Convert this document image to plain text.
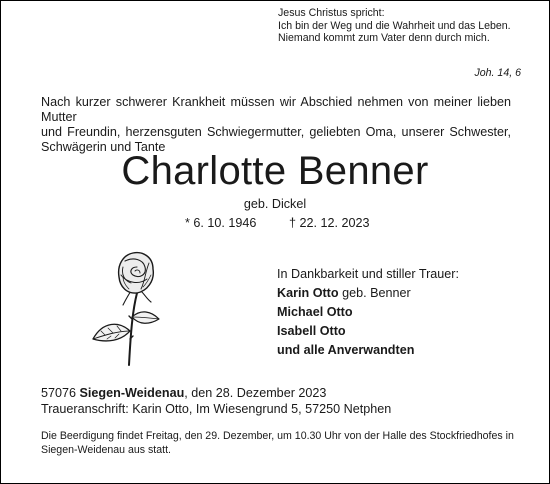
Jesus Christus spricht:
Ich bin der Weg und die Wahrheit und das Leben.
Niemand kommt zum Vater denn durch mich.
Joh. 14, 6
Nach kurzer schwerer Krankheit müssen wir Abschied nehmen von meiner lieben Mutter
und Freundin, herzensguten Schwiegermutter, geliebten Oma, unserer Schwester,
Schwägerin und Tante
Charlotte Benner
geb. Dickel
* 6. 10. 1946	† 22. 12. 2023
In Dankbarkeit und stiller Trauer:
Karin Otto geb. Benner
Michael Otto
Isabell Otto
und alle Anverwandten
57076 Siegen-Weidenau, den 28. Dezember 2023
Traueranschrift: Karin Otto, Im Wiesengrund 5, 57250 Netphen
Die Beerdigung findet Freitag, den 29. Dezember, um 10.30 Uhr von der Halle des Stockfriedhofes in
Siegen-Weidenau aus statt.
